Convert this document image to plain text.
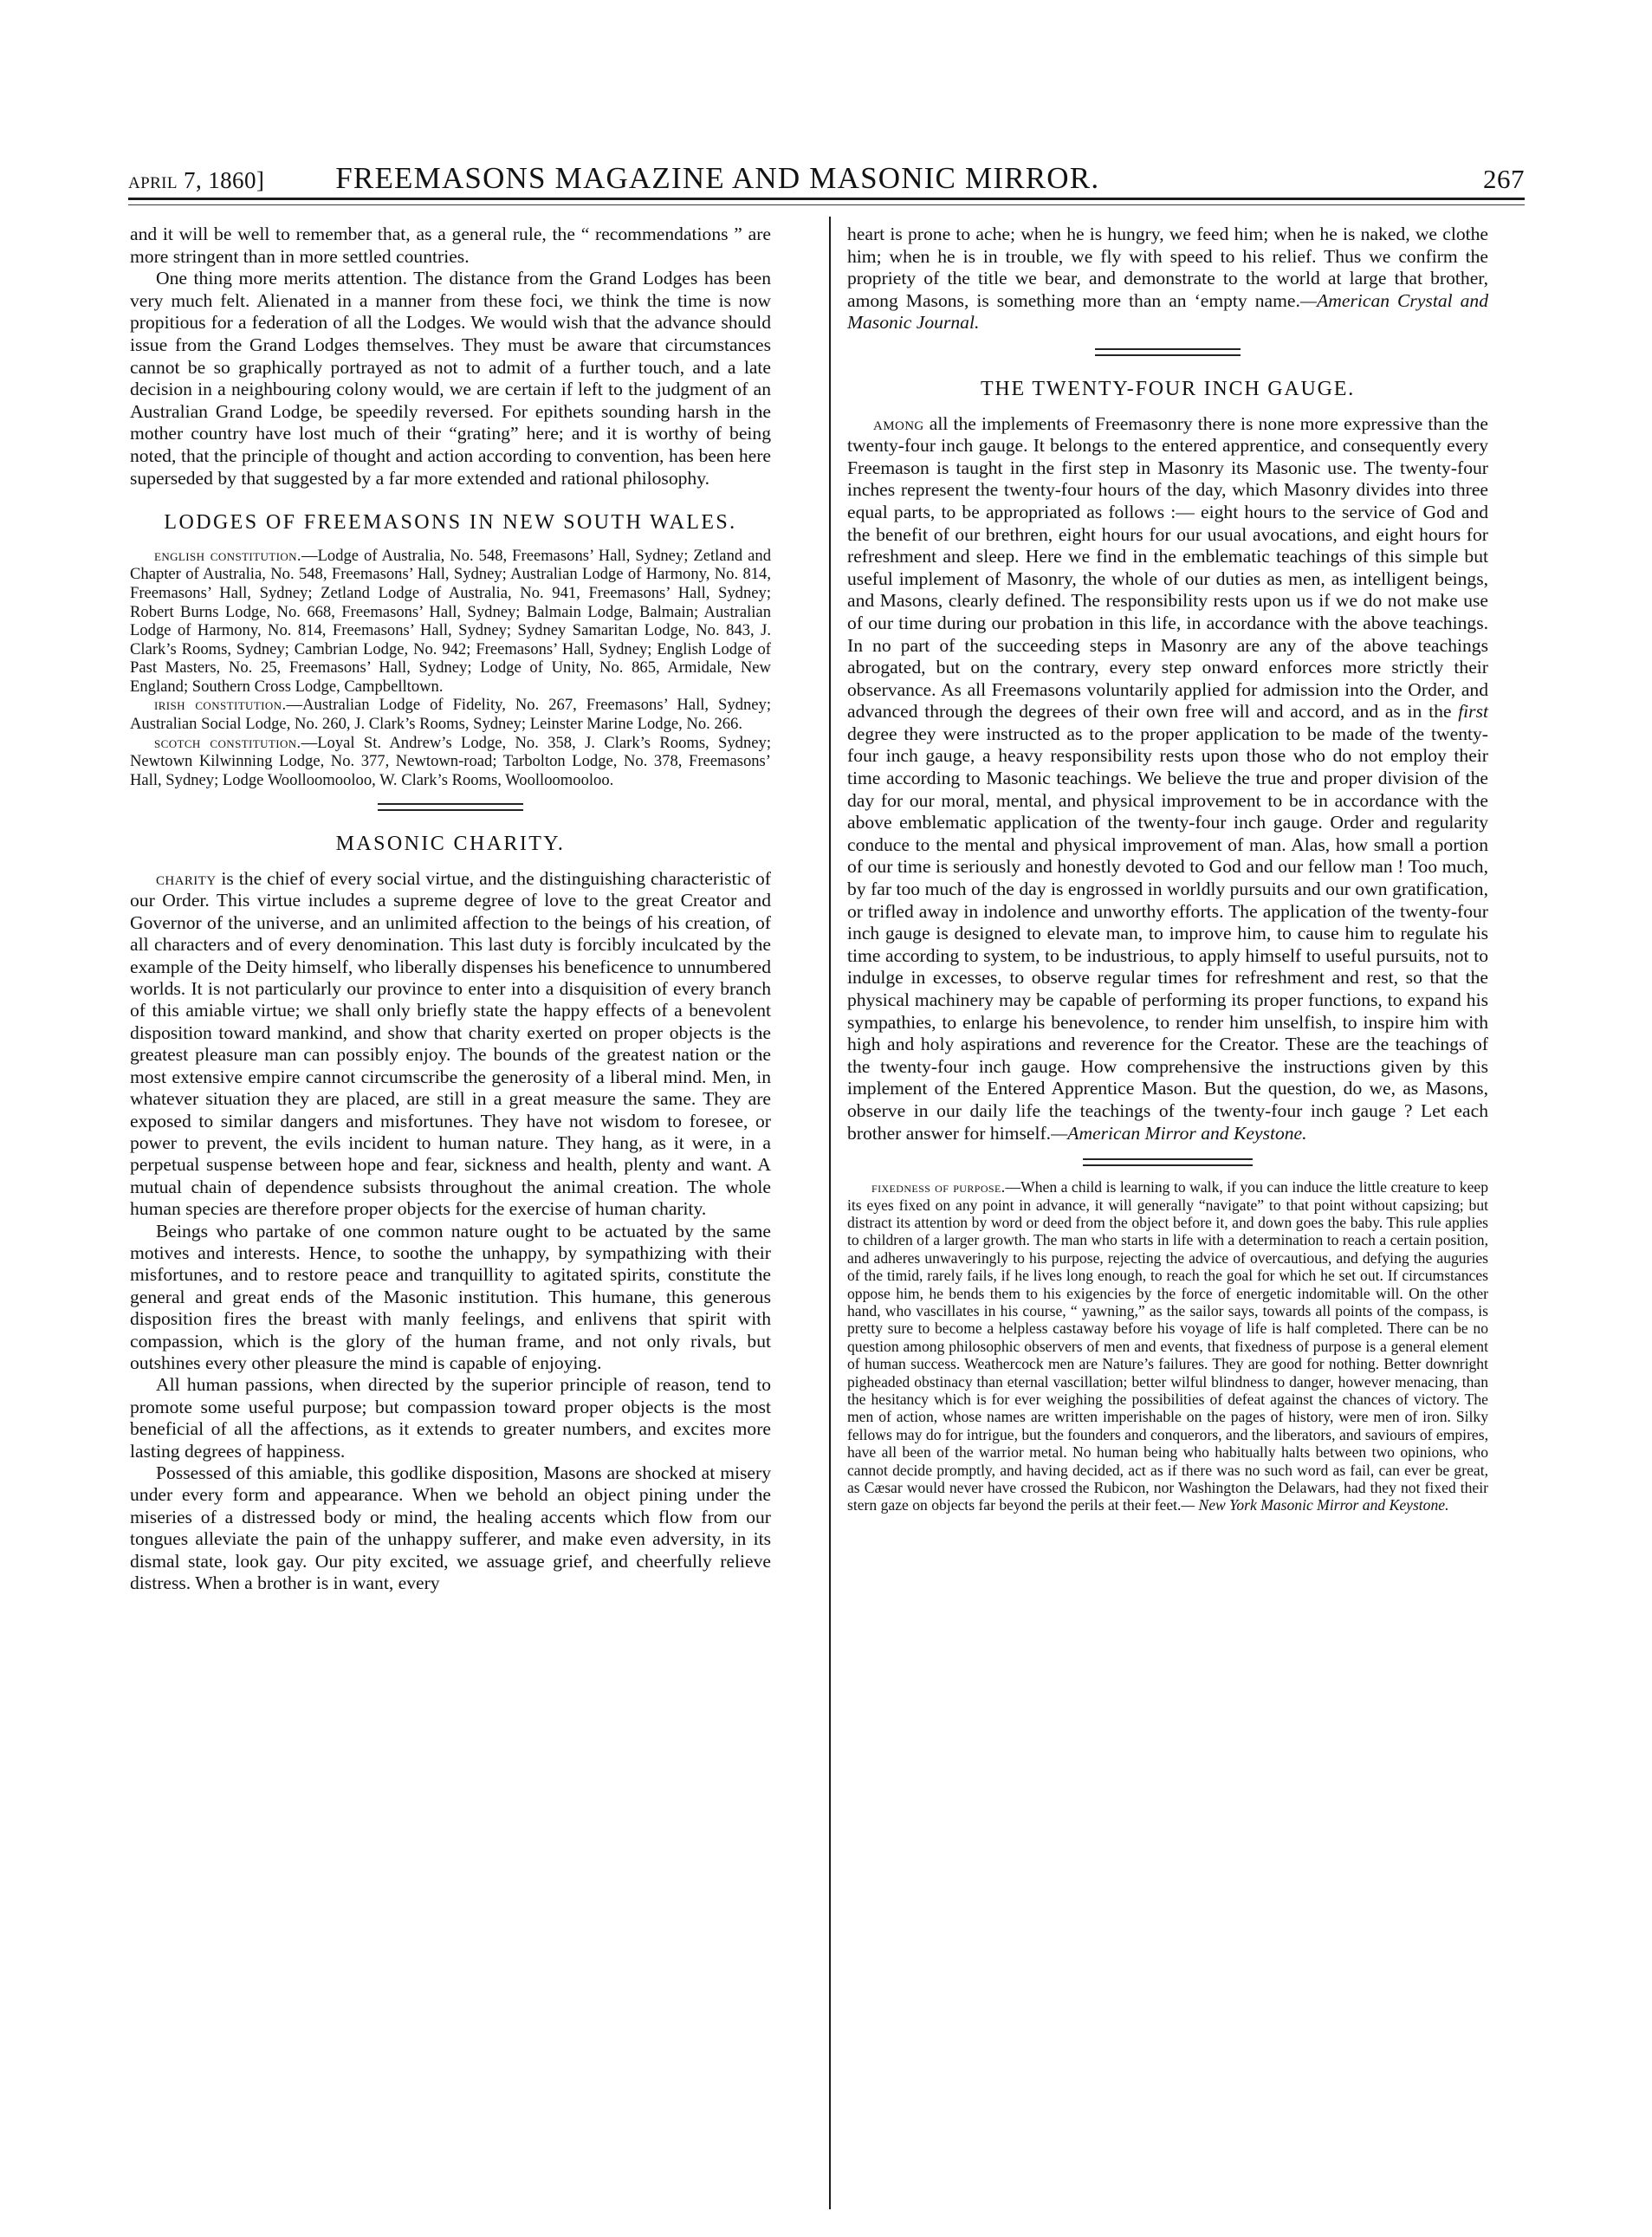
april 7, 1860]	FREEMASONS MAGAZINE AND MASONIC MIRROR.	267

and it will be well to remember that, as a general rule, the “ recommendations ” are more stringent than in more settled countries.

One thing more merits attention. The distance from the Grand Lodges has been very much felt. Alienated in a manner from these foci, we think the time is now propitious for a federation of all the Lodges. We would wish that the advance should issue from the Grand Lodges themselves. They must be aware that circumstances cannot be so graphically portrayed as not to admit of a further touch, and a late decision in a neighbouring colony would, we are certain if left to the judgment of an Australian Grand Lodge, be speedily reversed. For epithets sounding harsh in the mother country have lost much of their “grating” here; and it is worthy of being noted, that the principle of thought and action according to convention, has been here superseded by that suggested by a far more extended and rational philosophy.

LODGES OF FREEMASONS IN NEW SOUTH WALES.

english constitution.—Lodge of Australia, No. 548, Freemasons’ Hall, Sydney; Zetland and Chapter of Australia, No. 548, Freemasons’ Hall, Sydney; Australian Lodge of Harmony, No. 814, Freemasons’ Hall, Sydney; Zetland Lodge of Australia, No. 941, Freemasons’ Hall, Sydney; Robert Burns Lodge, No. 668, Freemasons’ Hall, Sydney; Balmain Lodge, Balmain; Australian Lodge of Harmony, No. 814, Freemasons’ Hall, Sydney; Sydney Samaritan Lodge, No. 843, J. Clark’s Rooms, Sydney; Cambrian Lodge, No. 942; Freemasons’ Hall, Sydney; English Lodge of Past Masters, No. 25, Freemasons’ Hall, Sydney; Lodge of Unity, No. 865, Armidale, New England; Southern Cross Lodge, Campbelltown.

irish constitution.—Australian Lodge of Fidelity, No. 267, Freemasons’ Hall, Sydney; Australian Social Lodge, No. 260, J. Clark’s Rooms, Sydney; Leinster Marine Lodge, No. 266.

scotch constitution.—Loyal St. Andrew’s Lodge, No. 358, J. Clark’s Rooms, Sydney; Newtown Kilwinning Lodge, No. 377, Newtown-road; Tarbolton Lodge, No. 378, Freemasons’ Hall, Sydney; Lodge Woolloomooloo, W. Clark’s Rooms, Woolloomooloo.

MASONIC CHARITY.

charity is the chief of every social virtue, and the distinguishing characteristic of our Order. This virtue includes a supreme degree of love to the great Creator and Governor of the universe, and an unlimited affection to the beings of his creation, of all characters and of every denomination. This last duty is forcibly inculcated by the example of the Deity himself, who liberally dispenses his beneficence to unnumbered worlds. It is not particularly our province to enter into a disquisition of every branch of this amiable virtue; we shall only briefly state the happy effects of a benevolent disposition toward mankind, and show that charity exerted on proper objects is the greatest pleasure man can possibly enjoy. The bounds of the greatest nation or the most extensive empire cannot circumscribe the generosity of a liberal mind. Men, in whatever situation they are placed, are still in a great measure the same. They are exposed to similar dangers and misfortunes. They have not wisdom to foresee, or power to prevent, the evils incident to human nature. They hang, as it were, in a perpetual suspense between hope and fear, sickness and health, plenty and want. A mutual chain of dependence subsists throughout the animal creation. The whole human species are therefore proper objects for the exercise of human charity.

Beings who partake of one common nature ought to be actuated by the same motives and interests. Hence, to soothe the unhappy, by sympathizing with their misfortunes, and to restore peace and tranquillity to agitated spirits, constitute the general and great ends of the Masonic institution. This humane, this generous disposition fires the breast with manly feelings, and enlivens that spirit with compassion, which is the glory of the human frame, and not only rivals, but outshines every other pleasure the mind is capable of enjoying.

All human passions, when directed by the superior principle of reason, tend to promote some useful purpose; but compassion toward proper objects is the most beneficial of all the affections, as it extends to greater numbers, and excites more lasting degrees of happiness.

Possessed of this amiable, this godlike disposition, Masons are shocked at misery under every form and appearance. When we behold an object pining under the miseries of a distressed body or mind, the healing accents which flow from our tongues alleviate the pain of the unhappy sufferer, and make even adversity, in its dismal state, look gay. Our pity excited, we assuage grief, and cheerfully relieve distress. When a brother is in want, every

heart is prone to ache; when he is hungry, we feed him; when he is naked, we clothe him; when he is in trouble, we fly with speed to his relief. Thus we confirm the propriety of the title we bear, and demonstrate to the world at large that brother, among Masons, is something more than an ‘empty name.—American Crystal and Masonic Journal.

THE TWENTY-FOUR INCH GAUGE.

among all the implements of Freemasonry there is none more expressive than the twenty-four inch gauge. It belongs to the entered apprentice, and consequently every Freemason is taught in the first step in Masonry its Masonic use. The twenty-four inches represent the twenty-four hours of the day, which Masonry divides into three equal parts, to be appropriated as follows :— eight hours to the service of God and the benefit of our brethren, eight hours for our usual avocations, and eight hours for refreshment and sleep. Here we find in the emblematic teachings of this simple but useful implement of Masonry, the whole of our duties as men, as intelligent beings, and Masons, clearly defined. The responsibility rests upon us if we do not make use of our time during our probation in this life, in accordance with the above teachings. In no part of the succeeding steps in Masonry are any of the above teachings abrogated, but on the contrary, every step onward enforces more strictly their observance. As all Freemasons voluntarily applied for admission into the Order, and advanced through the degrees of their own free will and accord, and as in the first degree they were instructed as to the proper application to be made of the twenty-four inch gauge, a heavy responsibility rests upon those who do not employ their time according to Masonic teachings. We believe the true and proper division of the day for our moral, mental, and physical improvement to be in accordance with the above emblematic application of the twenty-four inch gauge. Order and regularity conduce to the mental and physical improvement of man. Alas, how small a portion of our time is seriously and honestly devoted to God and our fellow man ! Too much, by far too much of the day is engrossed in worldly pursuits and our own gratification, or trifled away in indolence and unworthy efforts. The application of the twenty-four inch gauge is designed to elevate man, to improve him, to cause him to regulate his time according to system, to be industrious, to apply himself to useful pursuits, not to indulge in excesses, to observe regular times for refreshment and rest, so that the physical machinery may be capable of performing its proper functions, to expand his sympathies, to enlarge his benevolence, to render him unselfish, to inspire him with high and holy aspirations and reverence for the Creator. These are the teachings of the twenty-four inch gauge. How comprehensive the instructions given by this implement of the Entered Apprentice Mason. But the question, do we, as Masons, observe in our daily life the teachings of the twenty-four inch gauge ? Let each brother answer for himself.—American Mirror and Keystone.

fixedness of purpose.—When a child is learning to walk, if you can induce the little creature to keep its eyes fixed on any point in advance, it will generally “navigate” to that point without capsizing; but distract its attention by word or deed from the object before it, and down goes the baby. This rule applies to children of a larger growth. The man who starts in life with a determination to reach a certain position, and adheres unwaveringly to his purpose, rejecting the advice of overcautious, and defying the auguries of the timid, rarely fails, if he lives long enough, to reach the goal for which he set out. If circumstances oppose him, he bends them to his exigencies by the force of energetic indomitable will. On the other hand, who vascillates in his course, “ yawning,” as the sailor says, towards all points of the compass, is pretty sure to become a helpless castaway before his voyage of life is half completed. There can be no question among philosophic observers of men and events, that fixedness of purpose is a general element of human success. Weathercock men are Nature’s failures. They are good for nothing. Better downright pigheaded obstinacy than eternal vascillation; better wilful blindness to danger, however menacing, than the hesitancy which is for ever weighing the possibilities of defeat against the chances of victory. The men of action, whose names are written imperishable on the pages of history, were men of iron. Silky fellows may do for intrigue, but the founders and conquerors, and the liberators, and saviours of empires, have all been of the warrior metal. No human being who habitually halts between two opinions, who cannot decide promptly, and having decided, act as if there was no such word as fail, can ever be great, as Cæsar would never have crossed the Rubicon, nor Washington the Delawars, had they not fixed their stern gaze on objects far beyond the perils at their feet.— New York Masonic Mirror and Keystone.
